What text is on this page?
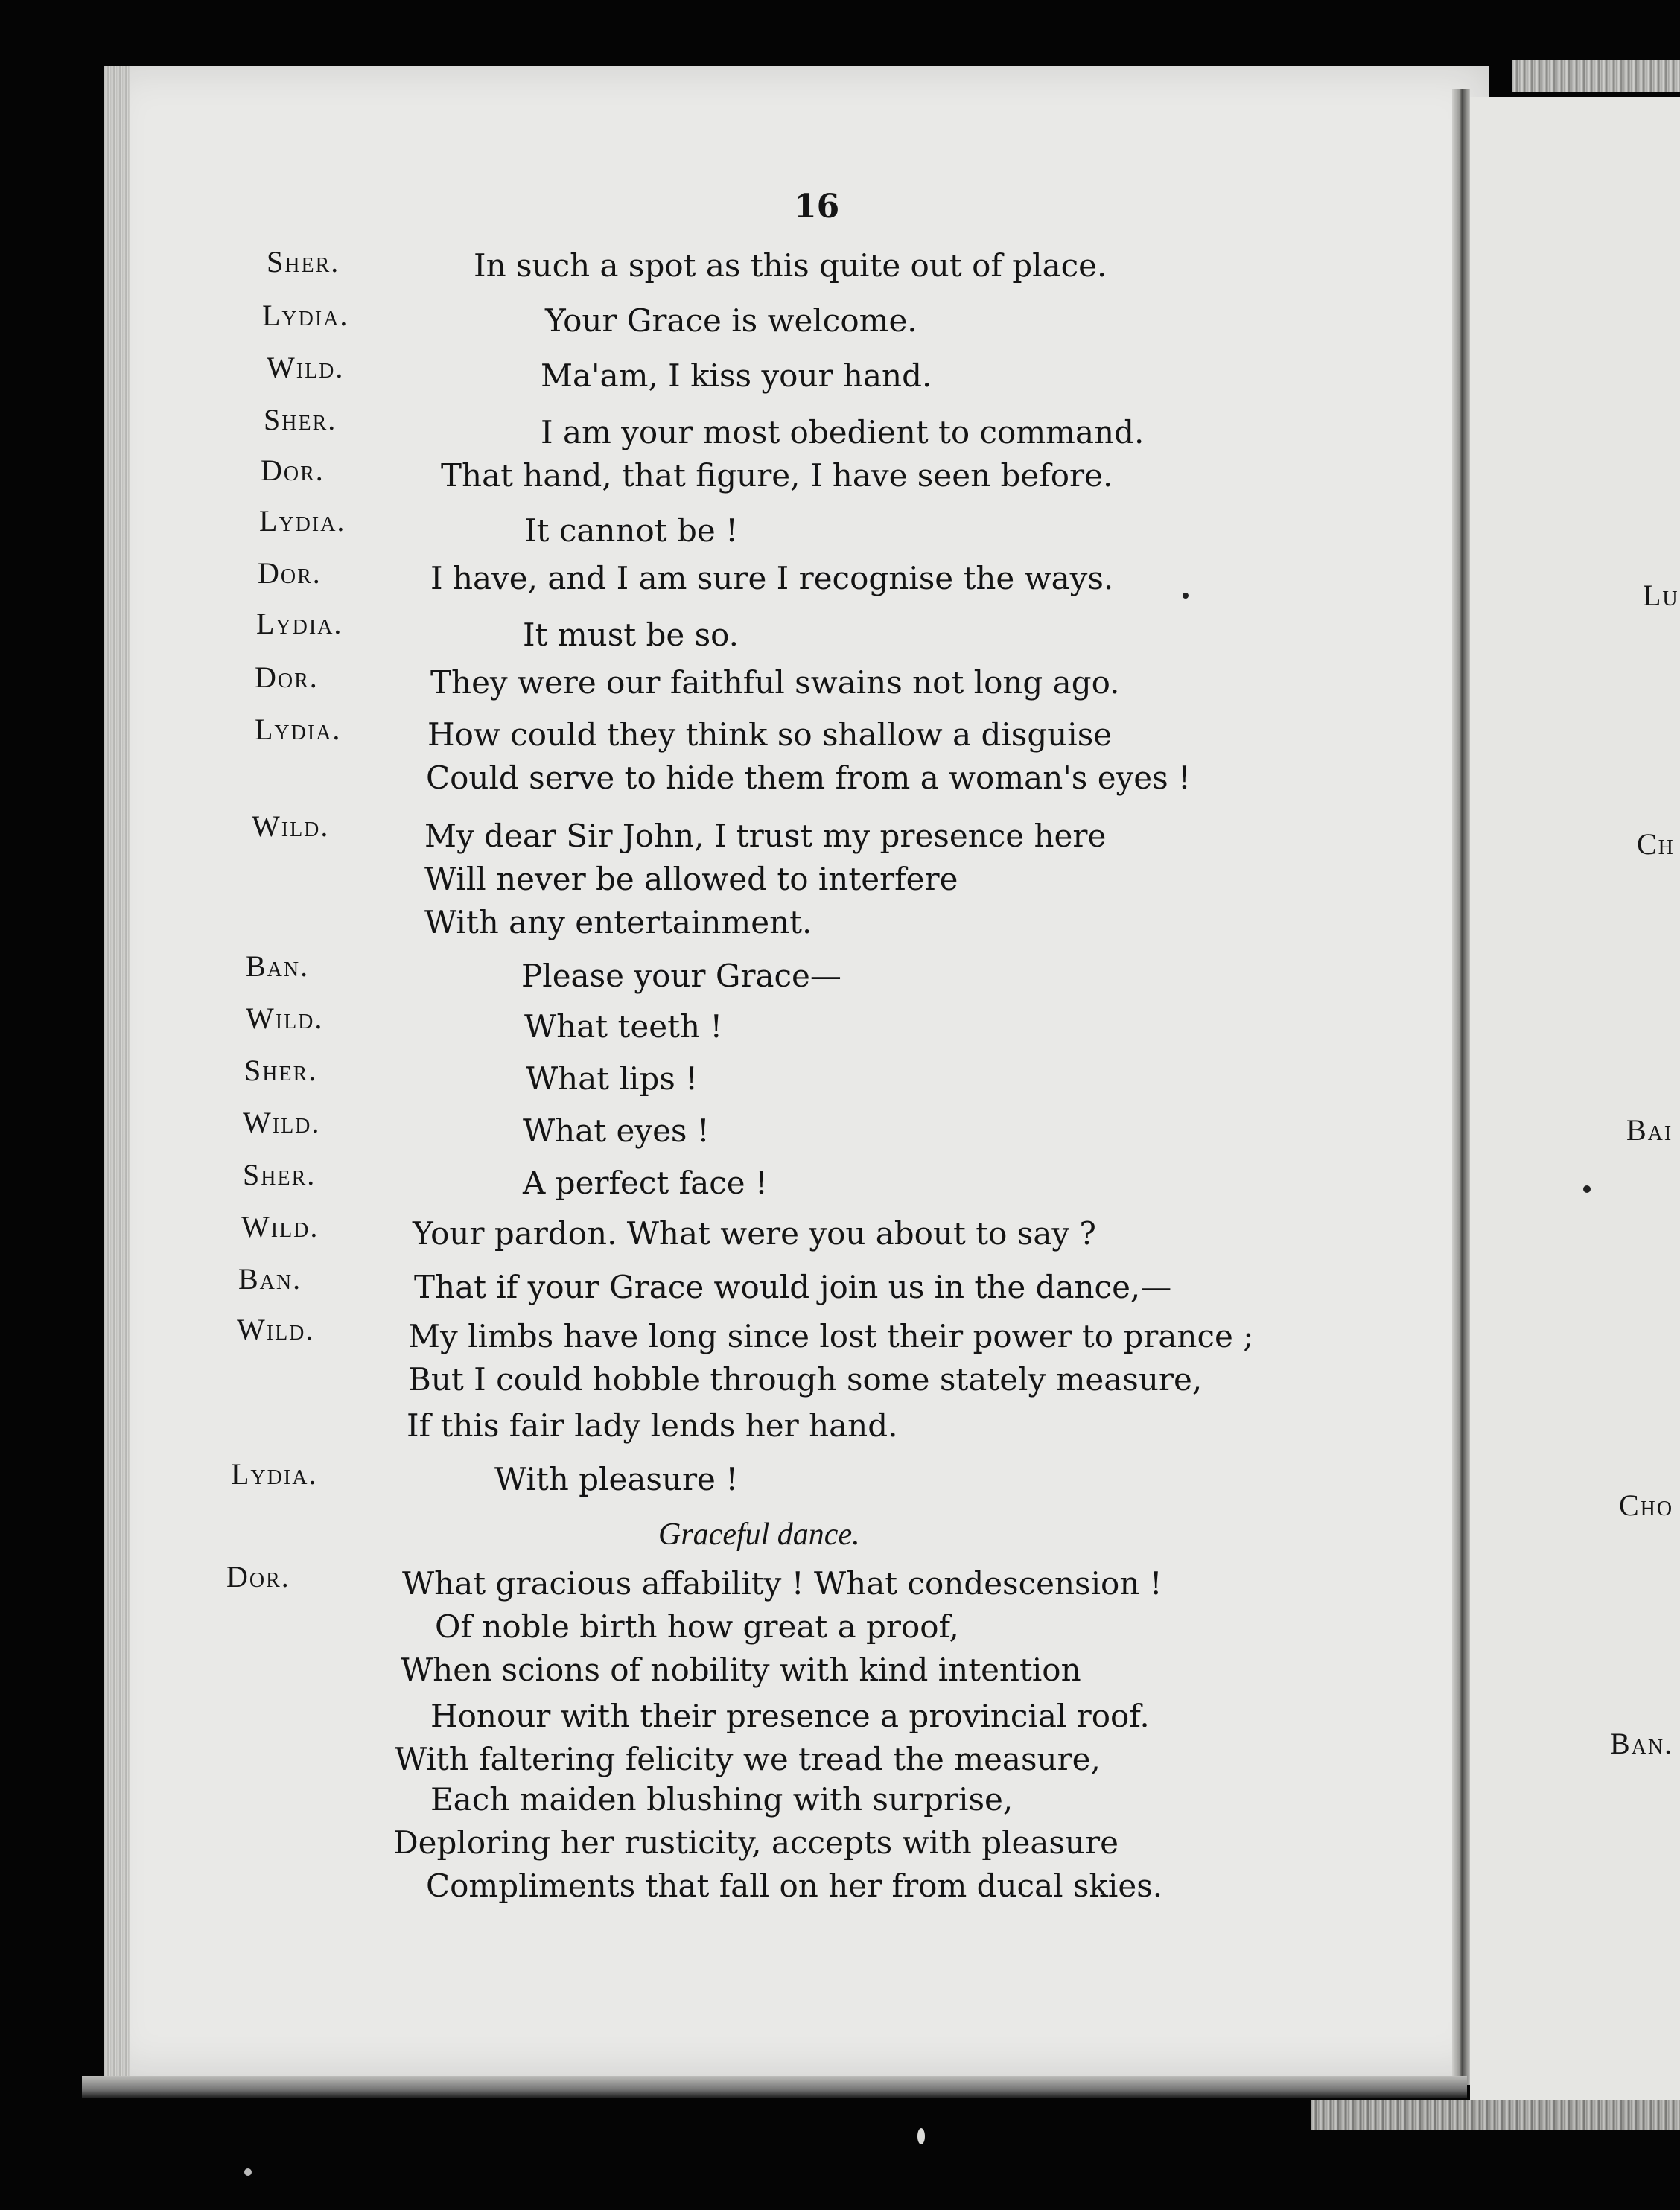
16
Sher.	In such a spot as this quite out of place.
Lydia.	Your Grace is welcome.
Wild.	Ma'am, I kiss your hand.
Sher.	I am your most obedient to command.
Dor.	That hand, that figure, I have seen before.
Lydia.	It cannot be !
Dor.	I have, and I am sure I recognise the ways.
Lydia.	It must be so.
Dor.	They were our faithful swains not long ago.
Lydia.	How could they think so shallow a disguise
Could serve to hide them from a woman's eyes !
Wild.	My dear Sir John, I trust my presence here
Will never be allowed to interfere
With any entertainment.
Ban.	Please your Grace—
Wild.	What teeth !
Sher.	What lips !
Wild.	What eyes !
Sher.	A perfect face !
Wild.	Your pardon. What were you about to say ?
Ban.	That if your Grace would join us in the dance,—
Wild.	My limbs have long since lost their power to prance ;
But I could hobble through some stately measure,
If this fair lady lends her hand.
Lydia.	With pleasure !
Graceful dance.
Dor.	What gracious affability ! What condescension !
Of noble birth how great a proof,
When scions of nobility with kind intention
Honour with their presence a provincial roof.
With faltering felicity we tread the measure,
Each maiden blushing with surprise,
Deploring her rusticity, accepts with pleasure
Compliments that fall on her from ducal skies.
Lu
Ch
Bai
Cho
Ban.
